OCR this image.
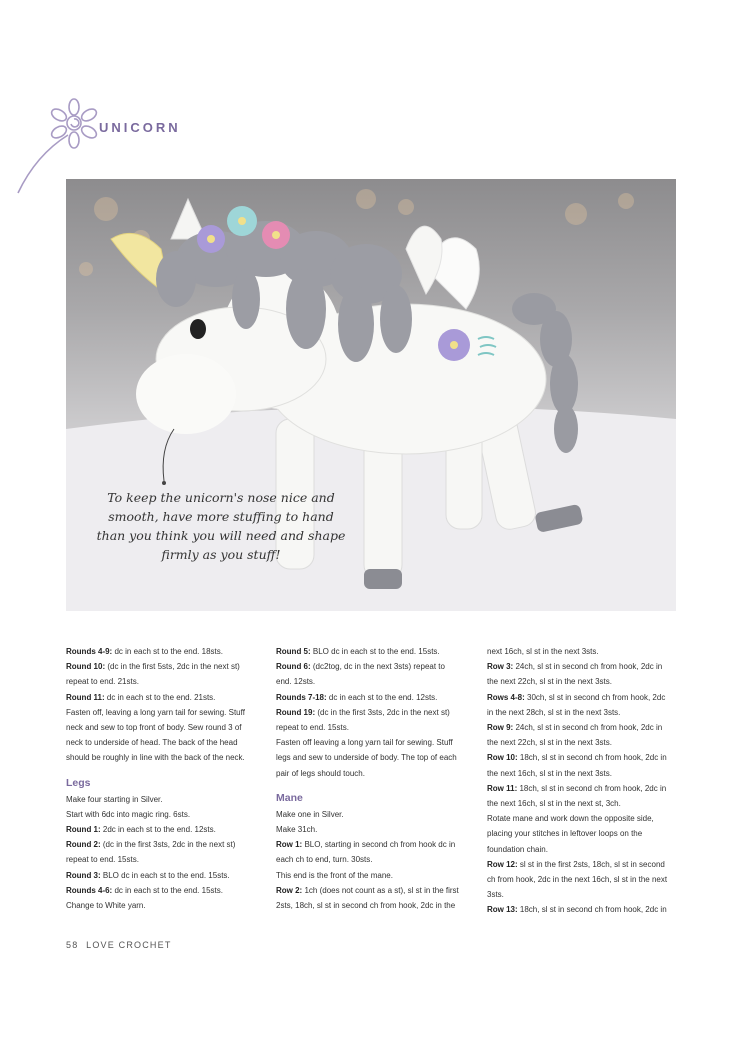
UNICORN
To keep the unicorn's nose nice and smooth, have more stuffing to hand than you think you will need and shape firmly as you stuff!
Rounds 4-9: dc in each st to the end. 18sts.
Round 10: (dc in the first 5sts, 2dc in the next st)
repeat to end. 21sts.
Round 11: dc in each st to the end. 21sts.
Fasten off, leaving a long yarn tail for sewing. Stuff
neck and sew to top front of body. Sew round 3 of
neck to underside of head. The back of the head
should be roughly in line with the back of the neck.
Legs
Make four starting in Silver.
Start with 6dc into magic ring. 6sts.
Round 1: 2dc in each st to the end. 12sts.
Round 2: (dc in the first 3sts, 2dc in the next st)
repeat to end. 15sts.
Round 3: BLO dc in each st to the end. 15sts.
Rounds 4-6: dc in each st to the end. 15sts.
Change to White yarn.
Round 5: BLO dc in each st to the end. 15sts.
Round 6: (dc2tog, dc in the next 3sts) repeat to
end. 12sts.
Rounds 7-18: dc in each st to the end. 12sts.
Round 19: (dc in the first 3sts, 2dc in the next st)
repeat to end. 15sts.
Fasten off leaving a long yarn tail for sewing. Stuff
legs and sew to underside of body. The top of each
pair of legs should touch.
Mane
Make one in Silver.
Make 31ch.
Row 1: BLO, starting in second ch from hook dc in
each ch to end, turn. 30sts.
This end is the front of the mane.
Row 2: 1ch (does not count as a st), sl st in the first
2sts, 18ch, sl st in second ch from hook, 2dc in the
next 16ch, sl st in the next 3sts.
Row 3: 24ch, sl st in second ch from hook, 2dc in
the next 22ch, sl st in the next 3sts.
Rows 4-8: 30ch, sl st in second ch from hook, 2dc
in the next 28ch, sl st in the next 3sts.
Row 9: 24ch, sl st in second ch from hook, 2dc in
the next 22ch, sl st in the next 3sts.
Row 10: 18ch, sl st in second ch from hook, 2dc in
the next 16ch, sl st in the next 3sts.
Row 11: 18ch, sl st in second ch from hook, 2dc in
the next 16ch, sl st in the next st, 3ch.
Rotate mane and work down the opposite side,
placing your stitches in leftover loops on the
foundation chain.
Row 12: sl st in the first 2sts, 18ch, sl st in second
ch from hook, 2dc in the next 16ch, sl st in the next
3sts.
Row 13: 18ch, sl st in second ch from hook, 2dc in
58 LOVE CROCHET
